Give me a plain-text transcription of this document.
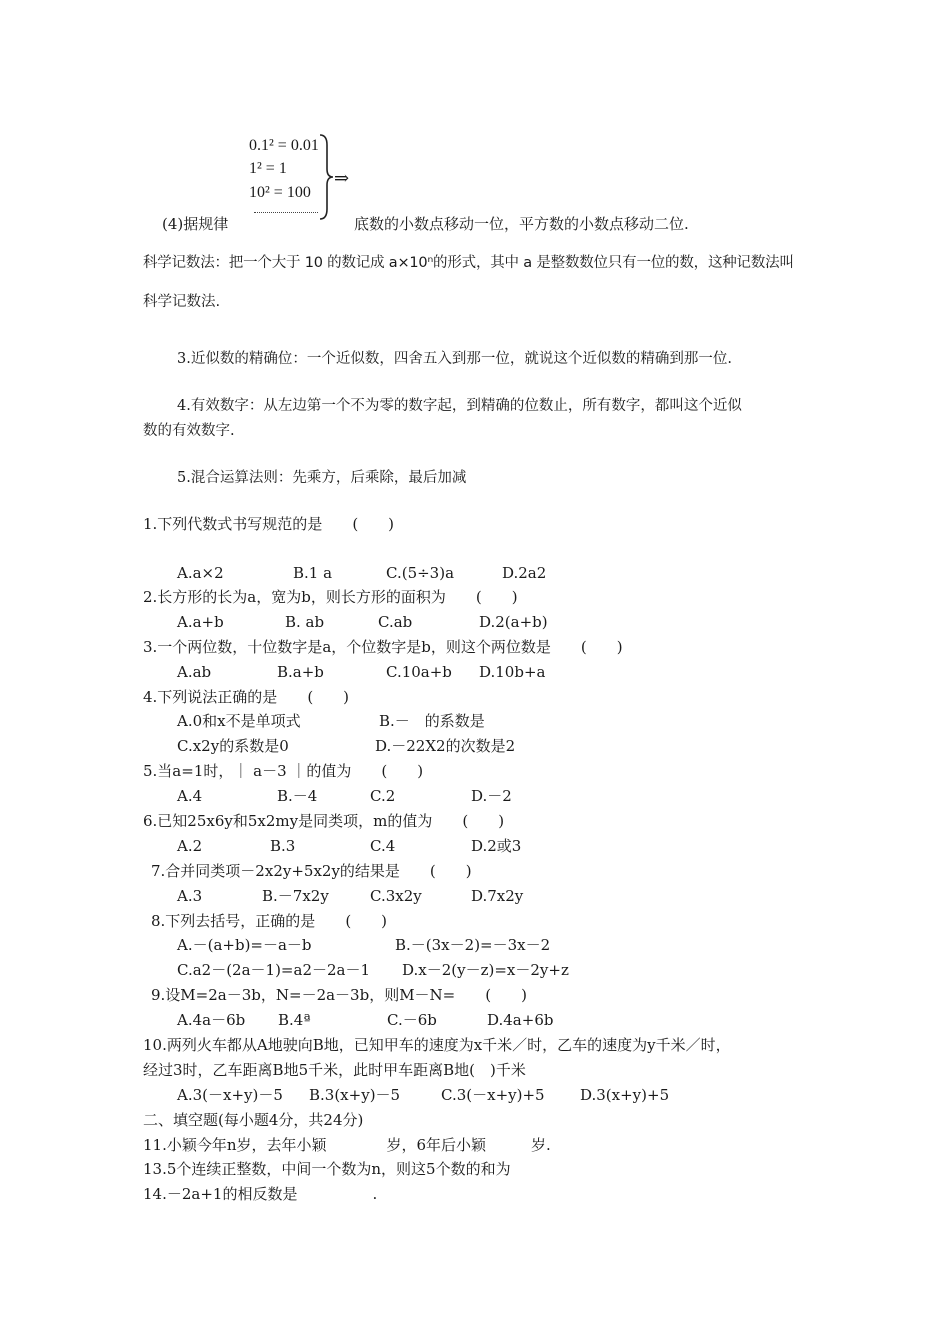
0.1² = 0.01
1² = 1
10² = 100
⇒
(4)据规律	底数的小数点移动一位，平方数的小数点移动二位.
科学记数法：把一个大于 10 的数记成 a×10ⁿ的形式，其中 a 是整数数位只有一位的数，这种记数法叫
科学记数法.
3.近似数的精确位：一个近似数，四舍五入到那一位，就说这个近似数的精确到那一位.
4.有效数字：从左边第一个不为零的数字起，到精确的位数止，所有数字，都叫这个近似
数的有效数字.
5.混合运算法则：先乘方，后乘除，最后加减
1.下列代数式书写规范的是　　(　　)
A.a×2	B.1 a	C.(5÷3)a	D.2a2
2.长方形的长为a，宽为b，则长方形的面积为　　(　　)
A.a+b	B. ab	C.ab	D.2(a+b)
3.一个两位数，十位数字是a，个位数字是b，则这个两位数是　　(　　)
A.ab	B.a+b	C.10a+b D.10b+a
4.下列说法正确的是　　(　　)
A.0和x不是单项式	B.－　的系数是
C.x2y的系数是0	D.－22X2的次数是2
5.当a=1时，｜ a－3 ｜的值为　　(　　)
A.4	B.－4	C.2	D.－2
6.已知25x6y和5x2my是同类项，m的值为　　(　　)
A.2	B.3	C.4	D.2或3
7.合并同类项－2x2y+5x2y的结果是　　(　　)
A.3	B.－7x2y	C.3x2y	D.7x2y
8.下列去括号，正确的是　　(　　)
A.－(a+b)=－a－b	B.－(3x－2)=－3x－2
C.a2－(2a－1)=a2－2a－1 D.x－2(y－z)=x－2y+z
9.设M=2a－3b，N=－2a－3b，则M－N=　　(　　)
A.4a－6b B.4ª	C.－6b	D.4a+6b
10.两列火车都从A地驶向B地，已知甲车的速度为x千米／时，乙车的速度为y千米／时，
经过3时，乙车距离B地5千米，此时甲车距离B地(　)千米
A.3(－x+y)－5 B.3(x+y)－5	C.3(－x+y)+5 D.3(x+y)+5
二、填空题(每小题4分，共24分)
11.小颖今年n岁，去年小颖　　　　岁，6年后小颖　　　岁.
13.5个连续正整数，中间一个数为n，则这5个数的和为
14.－2a+1的相反数是　　　　　.
